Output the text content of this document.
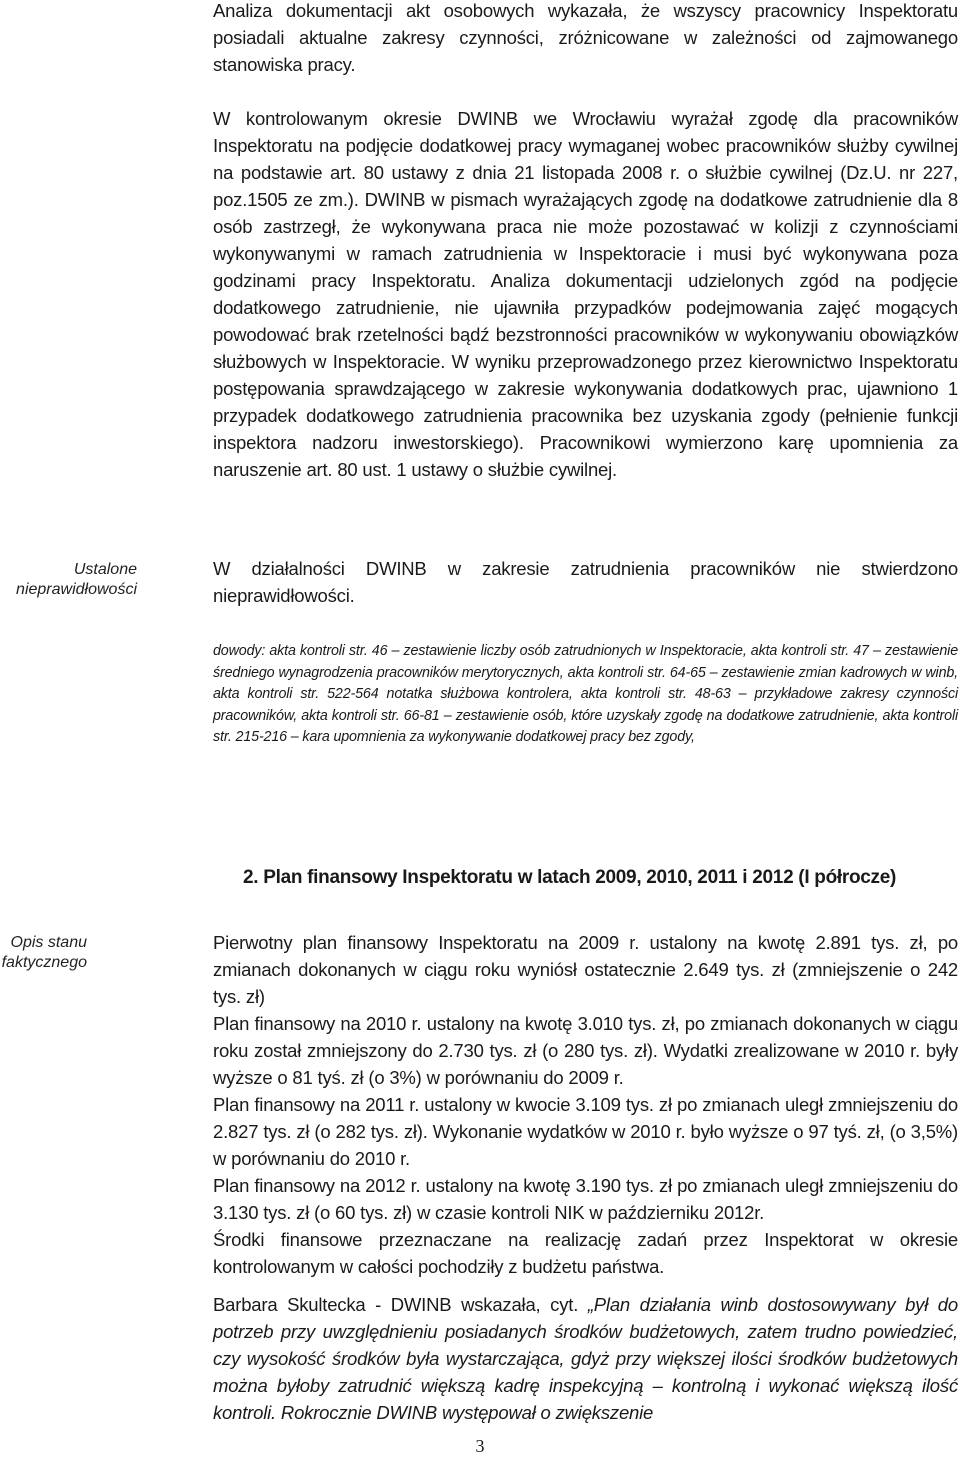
Analiza dokumentacji akt osobowych wykazała, że wszyscy pracownicy Inspektoratu posiadali aktualne zakresy czynności, zróżnicowane w zależności od zajmowanego stanowiska pracy.

W kontrolowanym okresie DWINB we Wrocławiu wyrażał zgodę dla pracowników Inspektoratu na podjęcie dodatkowej pracy wymaganej wobec pracowników służby cywilnej na podstawie art. 80 ustawy z dnia 21 listopada 2008 r. o służbie cywilnej (Dz.U. nr 227, poz.1505 ze zm.). DWINB w pismach wyrażających zgodę na dodatkowe zatrudnienie dla 8 osób zastrzegł, że wykonywana praca nie może pozostawać w kolizji z czynnościami wykonywanymi w ramach zatrudnienia w Inspektoracie i musi być wykonywana poza godzinami pracy Inspektoratu. Analiza dokumentacji udzielonych zgód na podjęcie dodatkowego zatrudnienie, nie ujawniła przypadków podejmowania zajęć mogących powodować brak rzetelności bądź bezstronności pracowników w wykonywaniu obowiązków służbowych w Inspektoracie. W wyniku przeprowadzonego przez kierownictwo Inspektoratu postępowania sprawdzającego w zakresie wykonywania dodatkowych prac, ujawniono 1 przypadek dodatkowego zatrudnienia pracownika bez uzyskania zgody (pełnienie funkcji inspektora nadzoru inwestorskiego). Pracownikowi wymierzono karę upomnienia za naruszenie art. 80 ust. 1 ustawy o służbie cywilnej.

Ustalone
nieprawidłowości

W działalności DWINB w zakresie zatrudnienia pracowników nie stwierdzono nieprawidłowości.

dowody: akta kontroli str. 46 – zestawienie liczby osób zatrudnionych w Inspektoracie, akta kontroli str. 47 – zestawienie średniego wynagrodzenia pracowników merytorycznych, akta kontroli str. 64-65 – zestawienie zmian kadrowych w winb, akta kontroli str. 522-564 notatka służbowa kontrolera, akta kontroli str. 48-63 – przykładowe zakresy czynności pracowników, akta kontroli str. 66-81 – zestawienie osób, które uzyskały zgodę na dodatkowe zatrudnienie, akta kontroli str. 215-216 – kara upomnienia za wykonywanie dodatkowej pracy bez zgody,
2. Plan finansowy Inspektoratu w latach 2009, 2010, 2011 i 2012 (I półrocze)
Opis stanu
faktycznego

Pierwotny plan finansowy Inspektoratu na 2009 r. ustalony na kwotę 2.891 tys. zł, po zmianach dokonanych w ciągu roku wyniósł ostatecznie 2.649 tys. zł (zmniejszenie o 242 tys. zł)

Plan finansowy na 2010 r. ustalony na kwotę 3.010 tys. zł, po zmianach dokonanych w ciągu roku został zmniejszony do 2.730 tys. zł (o 280 tys. zł). Wydatki zrealizowane w 2010 r. były wyższe o 81 tyś. zł (o 3%) w porównaniu do 2009 r.

Plan finansowy na 2011 r. ustalony w kwocie 3.109 tys. zł po zmianach uległ zmniejszeniu do 2.827 tys. zł (o 282 tys. zł). Wykonanie wydatków w 2010 r. było wyższe o 97 tyś. zł, (o 3,5%) w porównaniu do 2010 r.

Plan finansowy na 2012 r. ustalony na kwotę 3.190 tys. zł po zmianach uległ zmniejszeniu do 3.130 tys. zł (o 60 tys. zł) w czasie kontroli NIK w październiku 2012r.

Środki finansowe przeznaczane na realizację zadań przez Inspektorat w okresie kontrolowanym w całości pochodziły z budżetu państwa.

Barbara Skultecka - DWINB wskazała, cyt. „Plan działania winb dostosowywany był do potrzeb przy uwzględnieniu posiadanych środków budżetowych, zatem trudno powiedzieć, czy wysokość środków była wystarczająca, gdyż przy większej ilości środków budżetowych można byłoby zatrudnić większą kadrę inspekcyjną – kontrolną i wykonać większą ilość kontroli. Rokrocznie DWINB występował o zwiększenie

3
